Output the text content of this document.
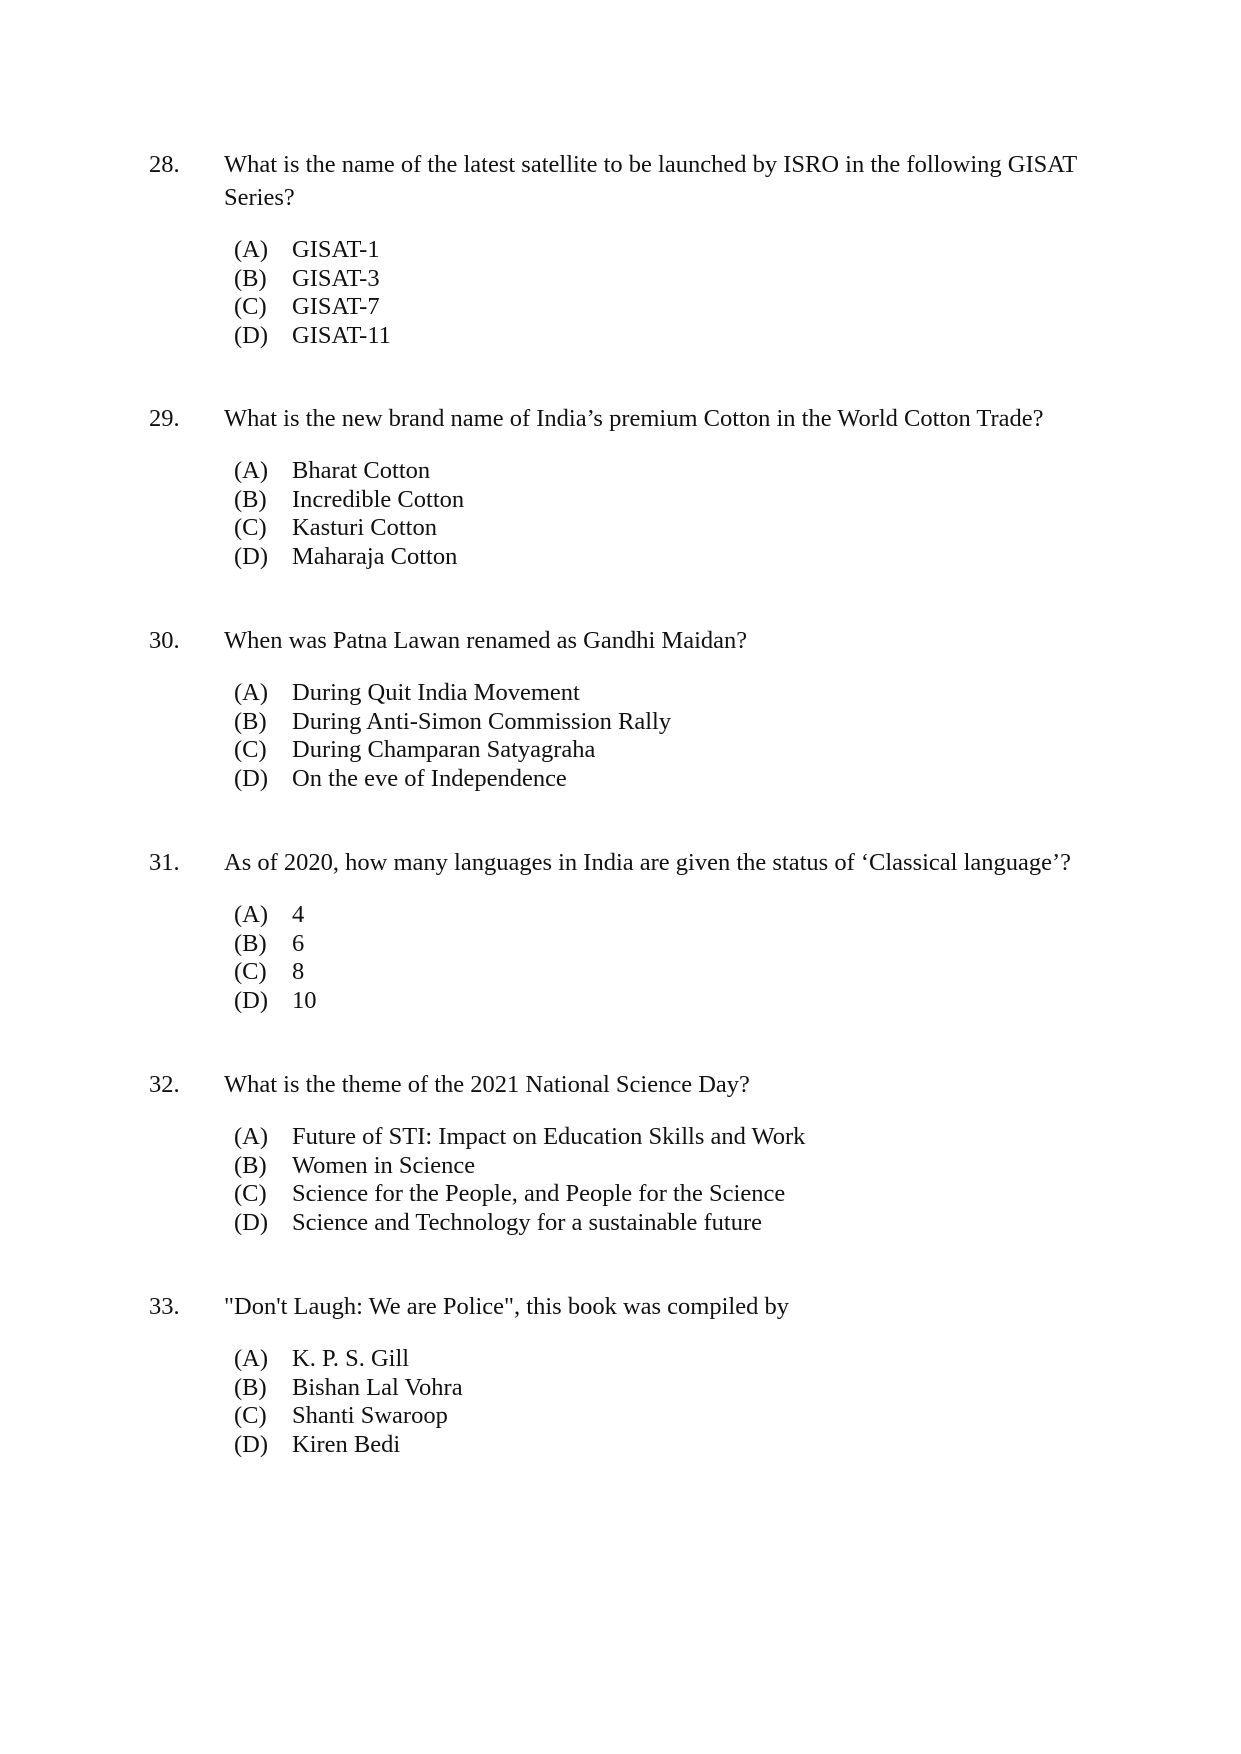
28. What is the name of the latest satellite to be launched by ISRO in the following GISAT Series?
(A) GISAT-1
(B) GISAT-3
(C) GISAT-7
(D) GISAT-11
29. What is the new brand name of India’s premium Cotton in the World Cotton Trade?
(A) Bharat Cotton
(B) Incredible Cotton
(C) Kasturi Cotton
(D) Maharaja Cotton
30. When was Patna Lawan renamed as Gandhi Maidan?
(A) During Quit India Movement
(B) During Anti-Simon Commission Rally
(C) During Champaran Satyagraha
(D) On the eve of Independence
31. As of 2020, how many languages in India are given the status of ‘Classical language’?
(A) 4
(B) 6
(C) 8
(D) 10
32. What is the theme of the 2021 National Science Day?
(A) Future of STI: Impact on Education Skills and Work
(B) Women in Science
(C) Science for the People, and People for the Science
(D) Science and Technology for a sustainable future
33. "Don't Laugh: We are Police", this book was compiled by
(A) K. P. S. Gill
(B) Bishan Lal Vohra
(C) Shanti Swaroop
(D) Kiren Bedi
